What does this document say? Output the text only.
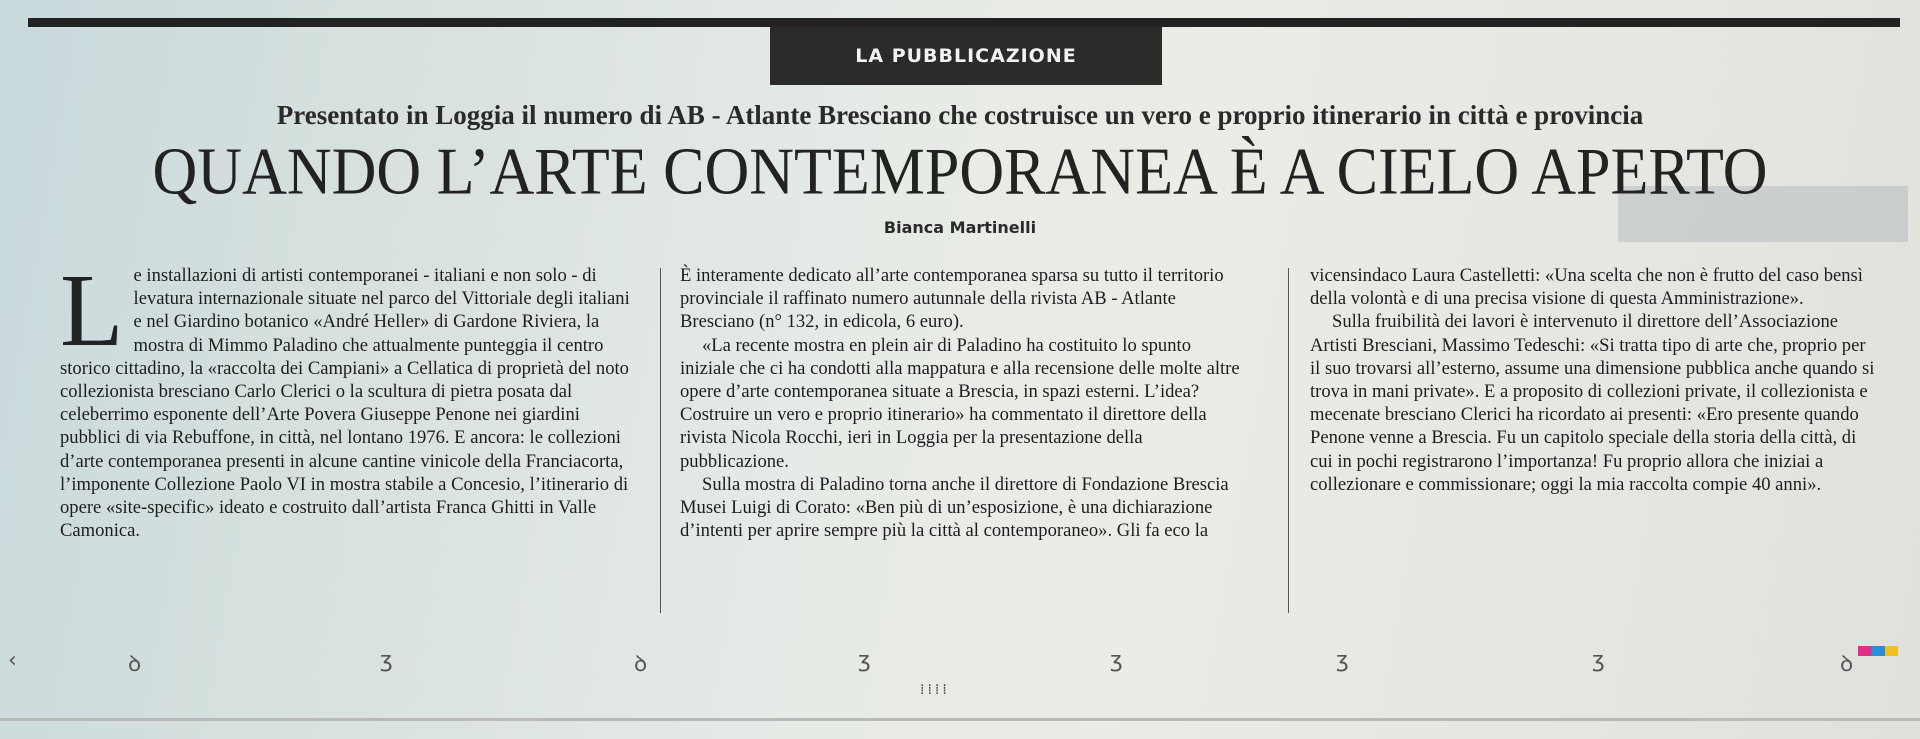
LA PUBBLICAZIONE
Presentato in Loggia il numero di AB - Atlante Bresciano che costruisce un vero e proprio itinerario in città e provincia
QUANDO L’ARTE CONTEMPORANEA È A CIELO APERTO
Bianca Martinelli

Le installazioni di artisti contemporanei - italiani e non solo - di levatura internazionale situate nel parco del Vittoriale degli italiani e nel Giardino botanico «André Heller» di Gardone Riviera, la mostra di Mimmo Paladino che attualmente punteggia il centro storico cittadino, la «raccolta dei Campiani» a Cellatica di proprietà del noto collezionista bresciano Carlo Clerici o la scultura di pietra posata dal celeberrimo esponente dell’Arte Povera Giuseppe Penone nei giardini pubblici di via Rebuffone, in città, nel lontano 1976. E ancora: le collezioni d’arte contemporanea presenti in alcune cantine vinicole della Franciacorta, l’imponente Collezione Paolo VI in mostra stabile a Concesio, l’itinerario di opere «site-specific» ideato e costruito dall’artista Franca Ghitti in Valle Camonica.

È interamente dedicato all’arte contemporanea sparsa su tutto il territorio provinciale il raffinato numero autunnale della rivista AB - Atlante Bresciano (n° 132, in edicola, 6 euro).

«La recente mostra en plein air di Paladino ha costituito lo spunto iniziale che ci ha condotti alla mappatura e alla recensione delle molte altre opere d’arte contemporanea situate a Brescia, in spazi esterni. L’idea? Costruire un vero e proprio itinerario» ha commentato il direttore della rivista Nicola Rocchi, ieri in Loggia per la presentazione della pubblicazione.

Sulla mostra di Paladino torna anche il direttore di Fondazione Brescia Musei Luigi di Corato: «Ben più di un’esposizione, è una dichiarazione d’intenti per aprire sempre più la città al contemporaneo». Gli fa eco la

vicensindaco Laura Castelletti: «Una scelta che non è frutto del caso bensì della volontà e di una precisa visione di questa Amministrazione».

Sulla fruibilità dei lavori è intervenuto il direttore dell’Associazione Artisti Bresciani, Massimo Tedeschi: «Si tratta tipo di arte che, proprio per il suo trovarsi all’esterno, assume una dimensione pubblica anche quando si trova in mani private». E a proposito di collezioni private, il collezionista e mecenate bresciano Clerici ha ricordato ai presenti: «Ero presente quando Penone venne a Brescia. Fu un capitolo speciale della storia della città, di cui in pochi registrarono l’importanza! Fu proprio allora che iniziai a collezionare e commissionare; oggi la mia raccolta compie 40 anni».

‹	ꝺ	ʒ	ꝺ	ʒ	ʒ	ʒ	ʒ	ꝺ
⁞⁞⁞⁞
